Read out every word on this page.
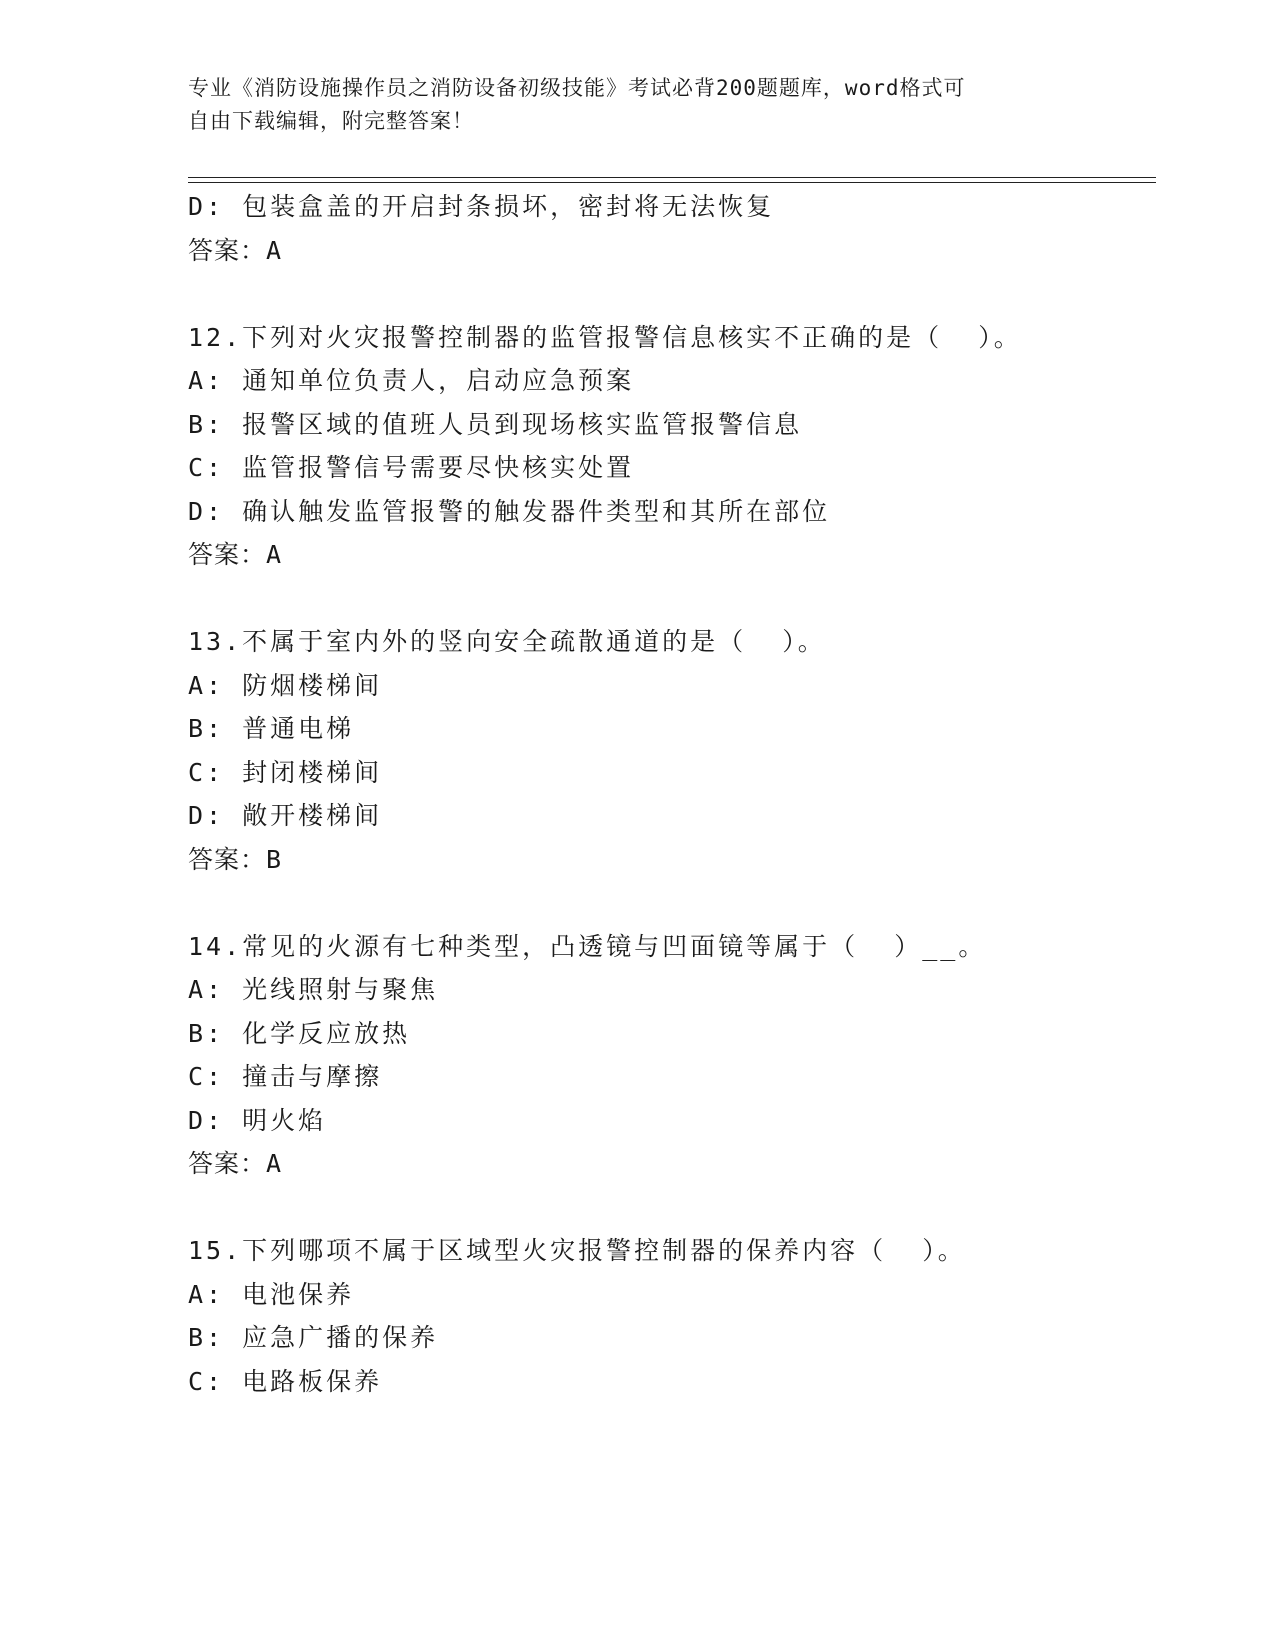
专业《消防设施操作员之消防设备初级技能》考试必背200题题库，word格式可
自由下载编辑，附完整答案！
D: 包装盒盖的开启封条损坏，密封将无法恢复
答案：A
12.下列对火灾报警控制器的监管报警信息核实不正确的是（  ）。
A: 通知单位负责人，启动应急预案
B: 报警区域的值班人员到现场核实监管报警信息
C: 监管报警信号需要尽快核实处置
D: 确认触发监管报警的触发器件类型和其所在部位
答案：A
13.不属于室内外的竖向安全疏散通道的是（  ）。
A: 防烟楼梯间
B: 普通电梯
C: 封闭楼梯间
D: 敞开楼梯间
答案：B
14.常见的火源有七种类型，凸透镜与凹面镜等属于（  ）__。
A: 光线照射与聚焦
B: 化学反应放热
C: 撞击与摩擦
D: 明火焰
答案：A
15.下列哪项不属于区域型火灾报警控制器的保养内容（  ）。
A: 电池保养
B: 应急广播的保养
C: 电路板保养
